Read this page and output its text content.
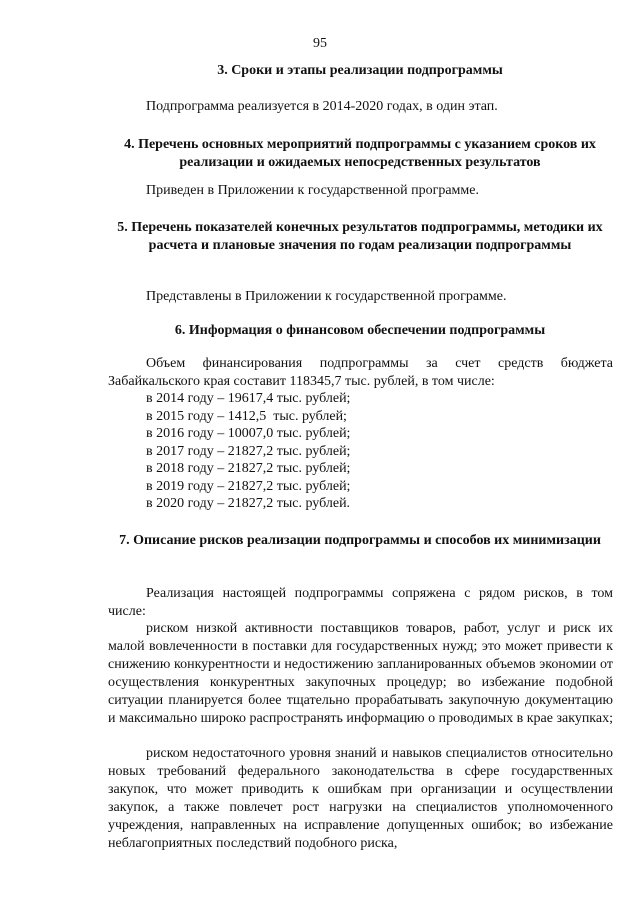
95
3. Сроки и этапы реализации подпрограммы
Подпрограмма реализуется в 2014-2020 годах, в один этап.
4. Перечень основных мероприятий подпрограммы с указанием сроков их реализации и ожидаемых непосредственных результатов
Приведен в Приложении к государственной программе.
5. Перечень показателей конечных результатов подпрограммы, методики их расчета и плановые значения по годам реализации подпрограммы
Представлены в Приложении к государственной программе.
6. Информация о финансовом обеспечении подпрограммы
Объем финансирования подпрограммы за счет средств бюджета Забайкальского края составит 118345,7 тыс. рублей, в том числе:
в 2014 году – 19617,4 тыс. рублей;
в 2015 году – 1412,5  тыс. рублей;
в 2016 году – 10007,0 тыс. рублей;
в 2017 году – 21827,2 тыс. рублей;
в 2018 году – 21827,2 тыс. рублей;
в 2019 году – 21827,2 тыс. рублей;
в 2020 году – 21827,2 тыс. рублей.
7. Описание рисков реализации подпрограммы и способов их минимизации
Реализация настоящей подпрограммы сопряжена с рядом рисков, в том числе:
риском низкой активности поставщиков товаров, работ, услуг и риск их малой вовлеченности в поставки для государственных нужд; это может привести к снижению конкурентности и недостижению запланированных объемов экономии от осуществления конкурентных закупочных процедур; во избежание подобной ситуации планируется более тщательно прорабатывать закупочную документацию и максимально широко распространять информацию о проводимых в крае закупках;
риском недостаточного уровня знаний и навыков специалистов относительно новых требований федерального законодательства в сфере государственных закупок, что может приводить к ошибкам при организации и осуществлении закупок, а также повлечет рост нагрузки на специалистов уполномоченного учреждения, направленных на исправление допущенных ошибок; во избежание неблагоприятных последствий подобного риска,
